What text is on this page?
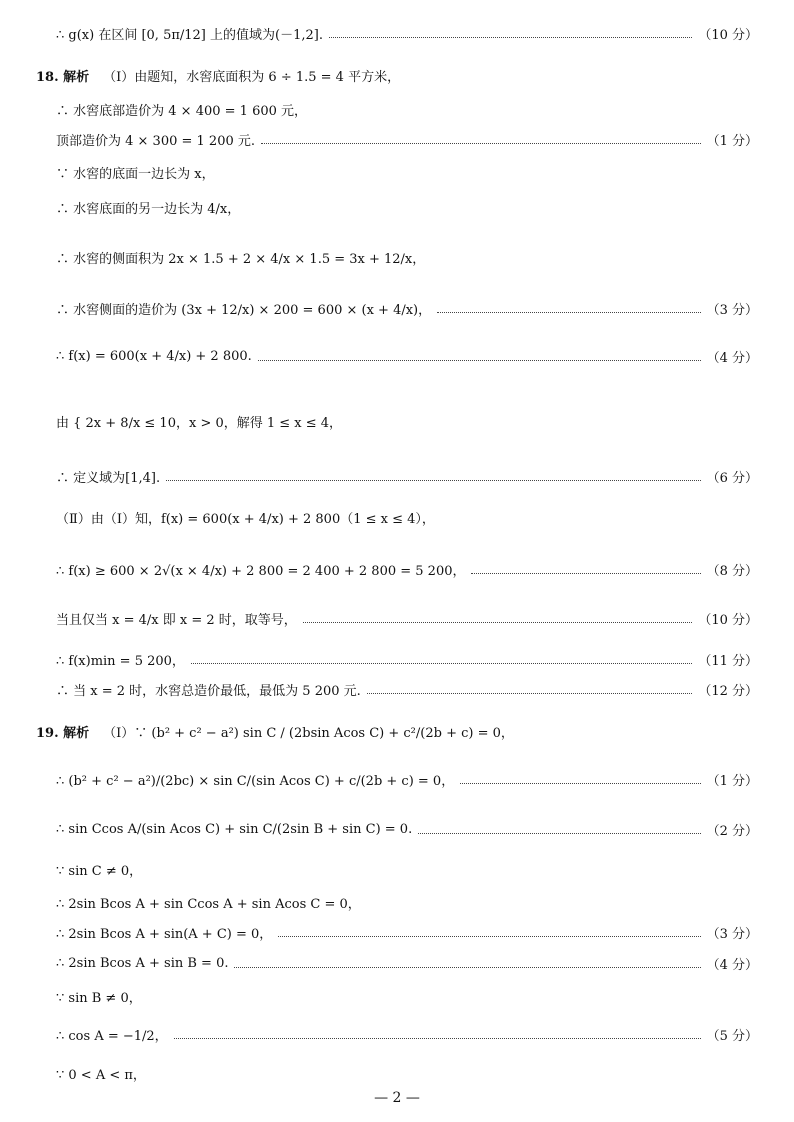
∴ g(x) 在区间 [0, 5π/12] 上的值域为(－1,2].	（10 分）
18. 解析 （Ⅰ）由题知，水窖底面积为 6 ÷ 1.5 = 4 平方米，
∴ 水窖底部造价为 4 × 400 = 1 600 元，
顶部造价为 4 × 300 = 1 200 元.	（1 分）
∵ 水窖的底面一边长为 x，
∴ 水窖底面的另一边长为 4/x，
∴ 水窖的侧面积为 2x × 1.5 + 2 × 4/x × 1.5 = 3x + 12/x，
∴ 水窖侧面的造价为 (3x + 12/x) × 200 = 600 × (x + 4/x)，	（3 分）
∴ f(x) = 600(x + 4/x) + 2 800.	（4 分）
由 { 2x + 8/x ≤ 10，x > 0，解得 1 ≤ x ≤ 4，
∴ 定义域为[1,4].	（6 分）
（Ⅱ）由（Ⅰ）知，f(x) = 600(x + 4/x) + 2 800（1 ≤ x ≤ 4），
∴ f(x) ≥ 600 × 2√(x × 4/x) + 2 800 = 2 400 + 2 800 = 5 200，	（8 分）
当且仅当 x = 4/x 即 x = 2 时，取等号，	（10 分）
∴ f(x)min = 5 200，	（11 分）
∴ 当 x = 2 时，水窖总造价最低，最低为 5 200 元.	（12 分）
19. 解析 （Ⅰ）∵ (b² + c² − a²) sin C / (2bsin Acos C) + c²/(2b + c) = 0，
∴ (b² + c² − a²)/(2bc) × sin C/(sin Acos C) + c/(2b + c) = 0，	（1 分）
∴ sin Ccos A/(sin Acos C) + sin C/(2sin B + sin C) = 0.	（2 分）
∵ sin C ≠ 0，
∴ 2sin Bcos A + sin Ccos A + sin Acos C = 0，
∴ 2sin Bcos A + sin(A + C) = 0，	（3 分）
∴ 2sin Bcos A + sin B = 0.	（4 分）
∵ sin B ≠ 0，
∴ cos A = −1/2，	（5 分）
∵ 0 < A < π，
— 2 —
